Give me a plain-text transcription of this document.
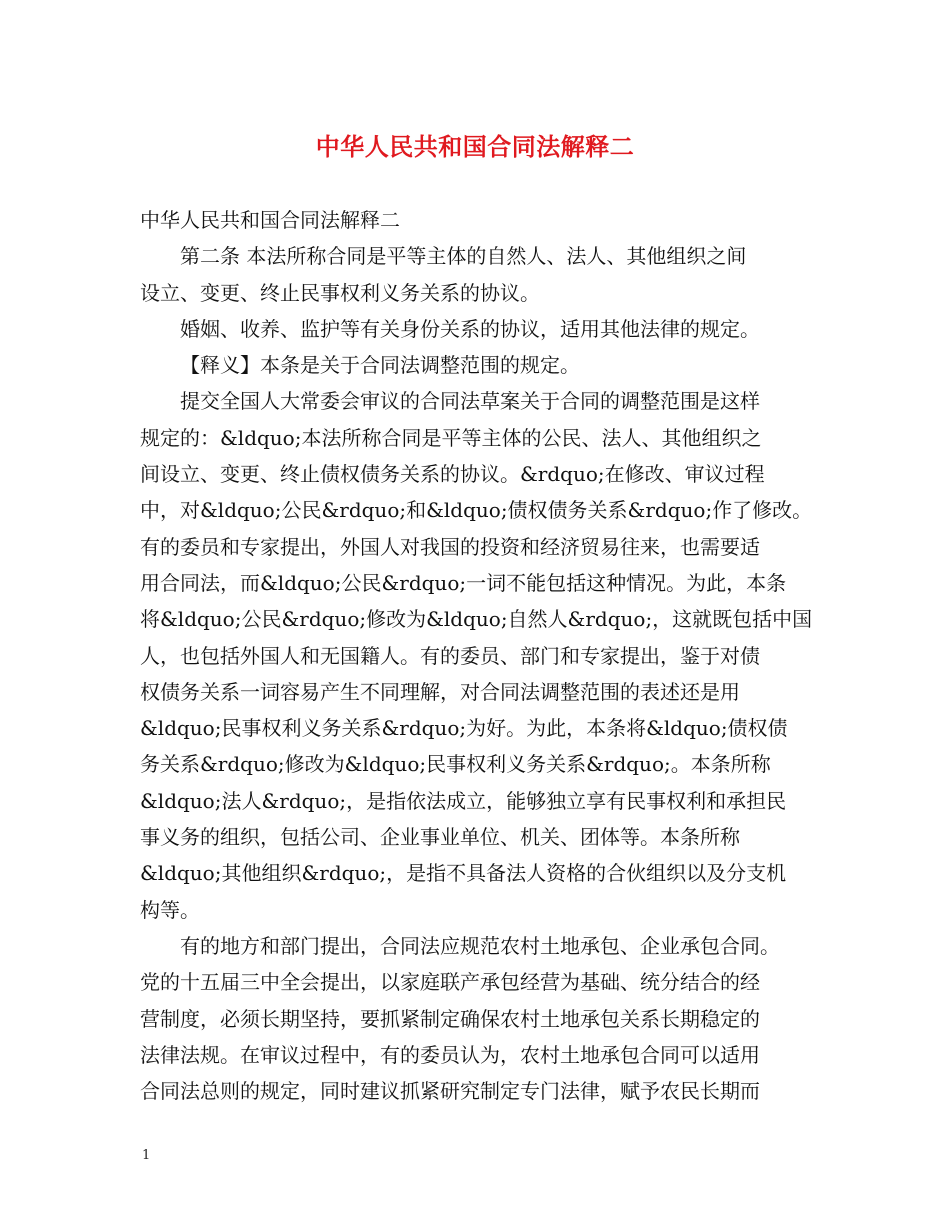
中华人民共和国合同法解释二
中华人民共和国合同法解释二
第二条 本法所称合同是平等主体的自然人、法人、其他组织之间
设立、变更、终止民事权利义务关系的协议。
婚姻、收养、监护等有关身份关系的协议，适用其他法律的规定。
【释义】本条是关于合同法调整范围的规定。
提交全国人大常委会审议的合同法草案关于合同的调整范围是这样
规定的：&ldquo;本法所称合同是平等主体的公民、法人、其他组织之
间设立、变更、终止债权债务关系的协议。&rdquo;在修改、审议过程
中，对&ldquo;公民&rdquo;和&ldquo;债权债务关系&rdquo;作了修改。
有的委员和专家提出，外国人对我国的投资和经济贸易往来，也需要适
用合同法，而&ldquo;公民&rdquo;一词不能包括这种情况。为此，本条
将&ldquo;公民&rdquo;修改为&ldquo;自然人&rdquo;，这就既包括中国
人，也包括外国人和无国籍人。有的委员、部门和专家提出，鉴于对债
权债务关系一词容易产生不同理解，对合同法调整范围的表述还是用
&ldquo;民事权利义务关系&rdquo;为好。为此，本条将&ldquo;债权债
务关系&rdquo;修改为&ldquo;民事权利义务关系&rdquo;。本条所称
&ldquo;法人&rdquo;，是指依法成立，能够独立享有民事权利和承担民
事义务的组织，包括公司、企业事业单位、机关、团体等。本条所称
&ldquo;其他组织&rdquo;，是指不具备法人资格的合伙组织以及分支机
构等。
有的地方和部门提出，合同法应规范农村土地承包、企业承包合同。
党的十五届三中全会提出，以家庭联产承包经营为基础、统分结合的经
营制度，必须长期坚持，要抓紧制定确保农村土地承包关系长期稳定的
法律法规。在审议过程中，有的委员认为，农村土地承包合同可以适用
合同法总则的规定，同时建议抓紧研究制定专门法律，赋予农民长期而
1
